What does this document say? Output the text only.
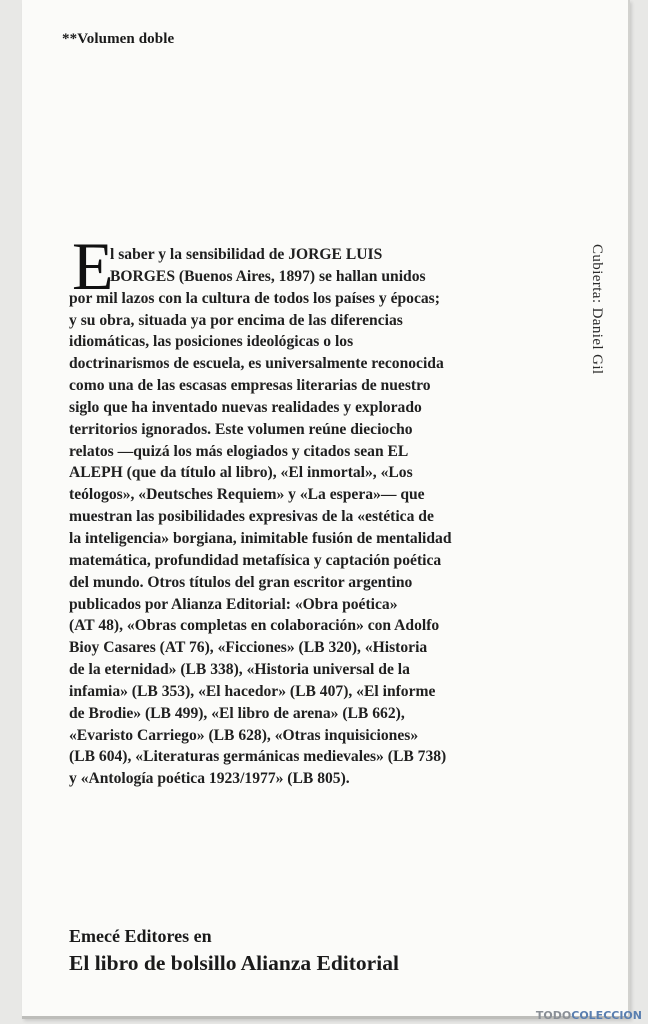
**Volumen doble
E
l saber y la sensibilidad de JORGE LUIS
BORGES (Buenos Aires, 1897) se hallan unidos
por mil lazos con la cultura de todos los países y épocas;
y su obra, situada ya por encima de las diferencias
idiomáticas, las posiciones ideológicas o los
doctrinarismos de escuela, es universalmente reconocida
como una de las escasas empresas literarias de nuestro
siglo que ha inventado nuevas realidades y explorado
territorios ignorados. Este volumen reúne dieciocho
relatos —quizá los más elogiados y citados sean EL
ALEPH (que da título al libro), «El inmortal», «Los
teólogos», «Deutsches Requiem» y «La espera»— que
muestran las posibilidades expresivas de la «estética de
la inteligencia» borgiana, inimitable fusión de mentalidad
matemática, profundidad metafísica y captación poética
del mundo. Otros títulos del gran escritor argentino
publicados por Alianza Editorial: «Obra poética»
(AT 48), «Obras completas en colaboración» con Adolfo
Bioy Casares (AT 76), «Ficciones» (LB 320), «Historia
de la eternidad» (LB 338), «Historia universal de la
infamia» (LB 353), «El hacedor» (LB 407), «El informe
de Brodie» (LB 499), «El libro de arena» (LB 662),
«Evaristo Carriego» (LB 628), «Otras inquisiciones»
(LB 604), «Literaturas germánicas medievales» (LB 738)
y «Antología poética 1923/1977» (LB 805).
Cubierta: Daniel Gil
Emecé Editores en
El libro de bolsillo Alianza Editorial
TODOCOLECCION
